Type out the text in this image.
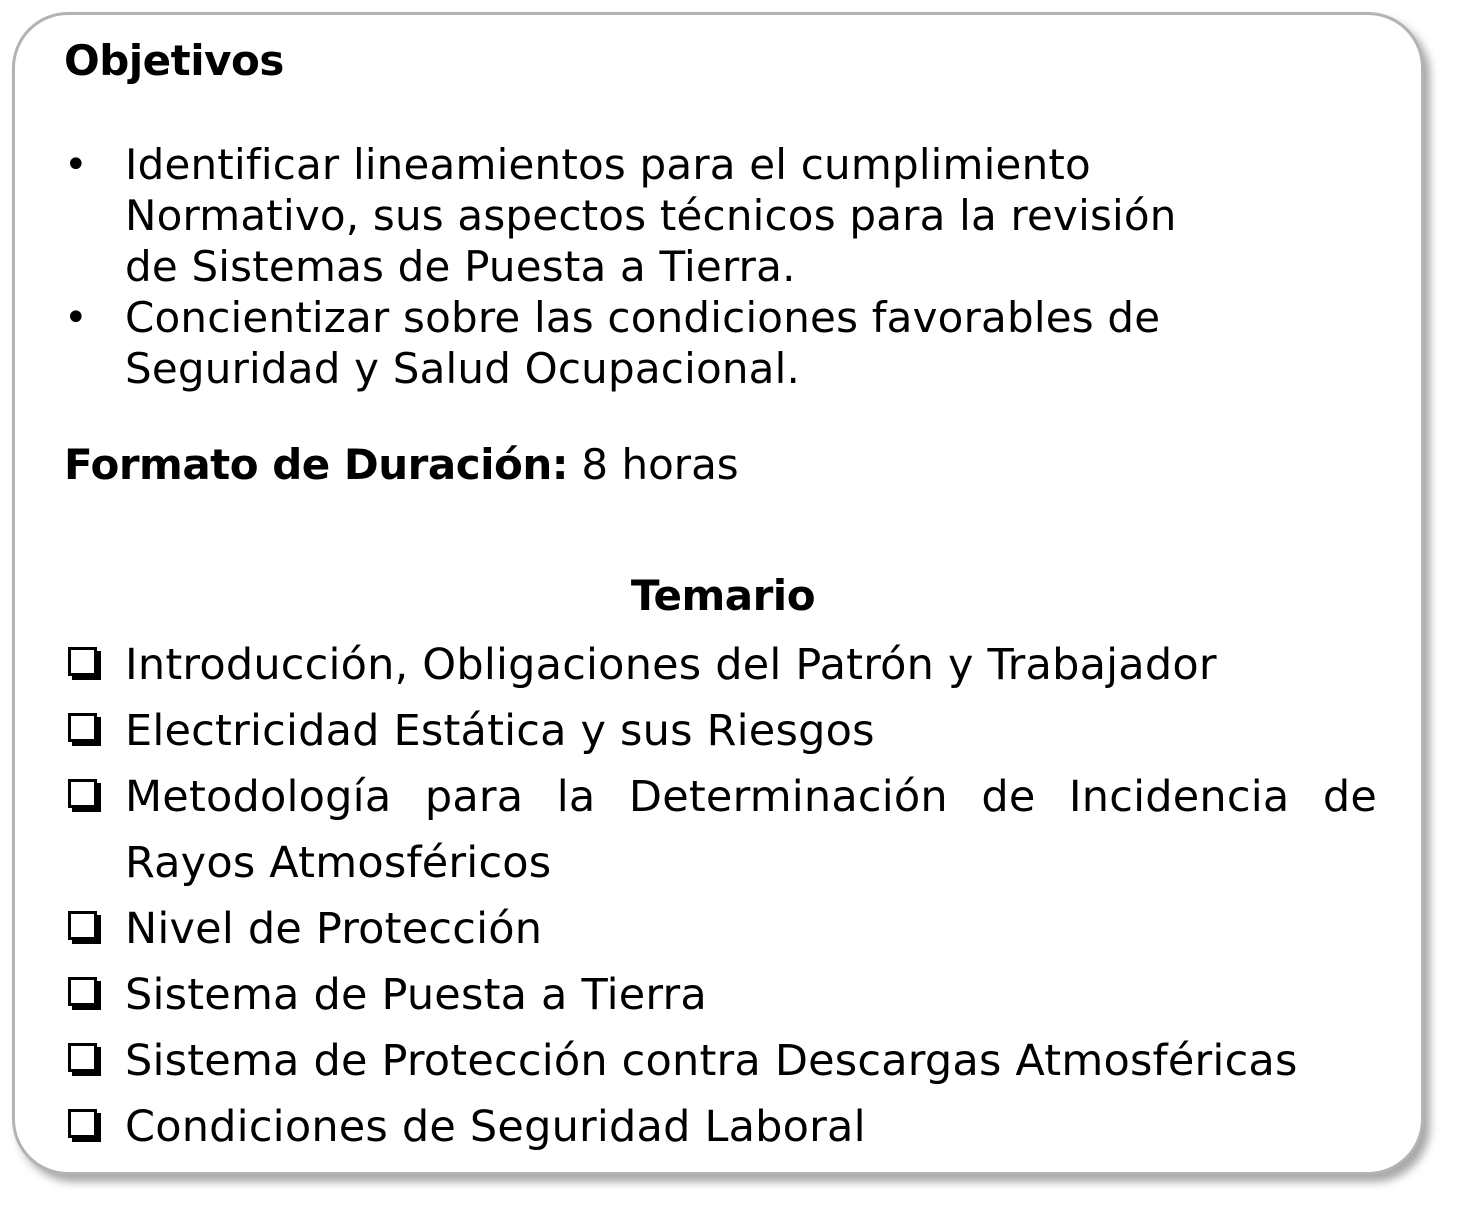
Objetivos
• Identificar lineamientos para el cumplimiento
Normativo, sus aspectos técnicos para la revisión
de Sistemas de Puesta a Tierra.
• Concientizar sobre las condiciones favorables de
Seguridad y Salud Ocupacional.
Formato de Duración: 8 horas
Temario
Introducción, Obligaciones del Patrón y Trabajador
Electricidad Estática y sus Riesgos
Metodología para la Determinación de Incidencia de Rayos Atmosféricos
Nivel de Protección
Sistema de Puesta a Tierra
Sistema de Protección contra Descargas Atmosféricas
Condiciones de Seguridad Laboral
